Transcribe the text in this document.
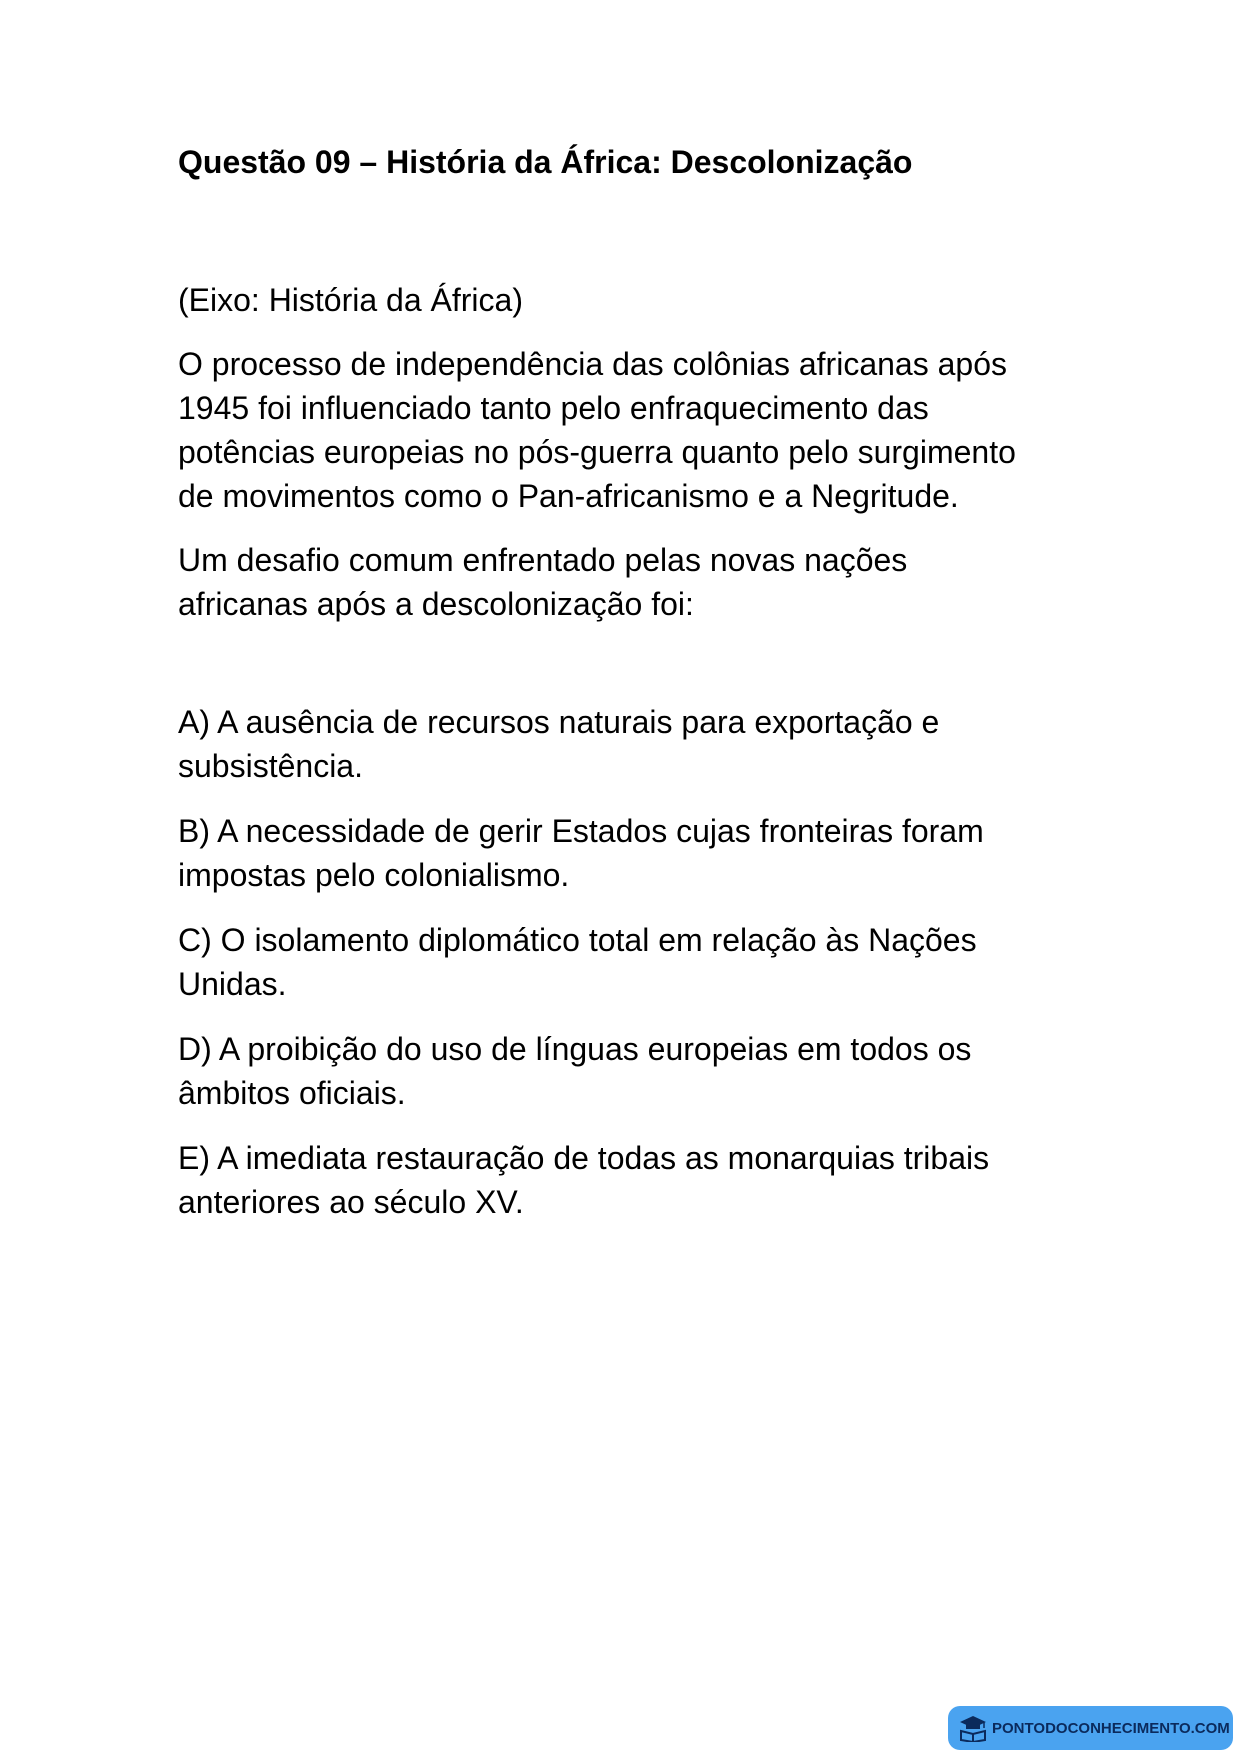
Questão 09 – História da África: Descolonização

(Eixo: História da África)

O processo de independência das colônias africanas após
1945 foi influenciado tanto pelo enfraquecimento das
potências europeias no pós-guerra quanto pelo surgimento
de movimentos como o Pan-africanismo e a Negritude.

Um desafio comum enfrentado pelas novas nações
africanas após a descolonização foi:

A) A ausência de recursos naturais para exportação e
subsistência.

B) A necessidade de gerir Estados cujas fronteiras foram
impostas pelo colonialismo.

C) O isolamento diplomático total em relação às Nações
Unidas.

D) A proibição do uso de línguas europeias em todos os
âmbitos oficiais.

E) A imediata restauração de todas as monarquias tribais
anteriores ao século XV.

PONTODOCONHECIMENTO.COM
